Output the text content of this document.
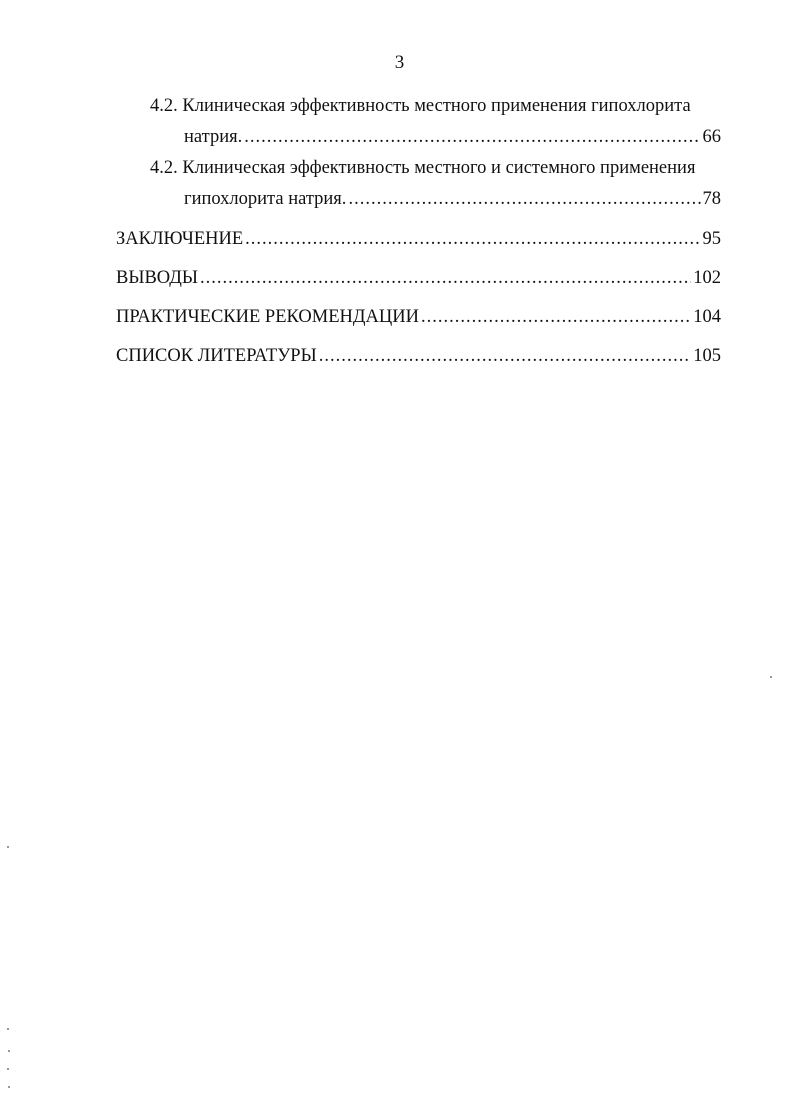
3
4.2. Клиническая эффективность местного применения гипохлорита
натрия. .....	66
4.2. Клиническая эффективность местного и системного применения
гипохлорита натрия. .....	78
ЗАКЛЮЧЕНИЕ .....	95
ВЫВОДЫ .....	102
ПРАКТИЧЕСКИЕ РЕКОМЕНДАЦИИ .....	104
СПИСОК ЛИТЕРАТУРЫ .....	105
